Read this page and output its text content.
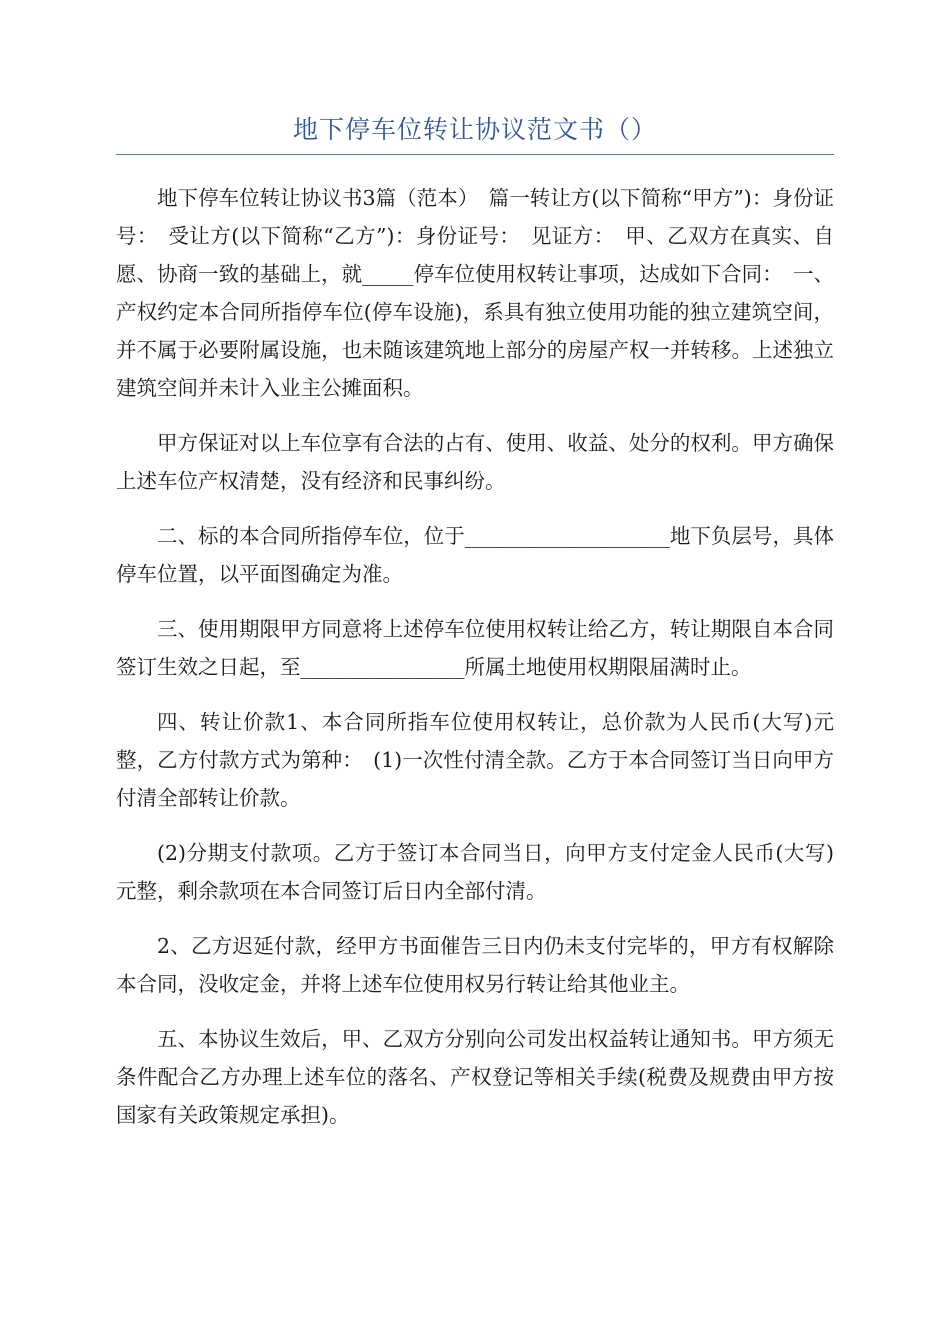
地下停车位转让协议范文书（）

地下停车位转让协议书3篇（范本）　篇一转让方(以下简称“甲方”)：身份证号：　受让方(以下简称“乙方”)：身份证号：　见证方：　甲、乙双方在真实、自愿、协商一致的基础上，就_____停车位使用权转让事项，达成如下合同：　一、产权约定本合同所指停车位(停车设施)，系具有独立使用功能的独立建筑空间，并不属于必要附属设施，也未随该建筑地上部分的房屋产权一并转移。上述独立建筑空间并未计入业主公摊面积。

甲方保证对以上车位享有合法的占有、使用、收益、处分的权利。甲方确保上述车位产权清楚，没有经济和民事纠纷。

二、标的本合同所指停车位，位于____________________地下负层号，具体停车位置，以平面图确定为准。

三、使用期限甲方同意将上述停车位使用权转让给乙方，转让期限自本合同签订生效之日起，至________________所属土地使用权期限届满时止。

四、转让价款1、本合同所指车位使用权转让，总价款为人民币(大写)元整，乙方付款方式为第种：　(1)一次性付清全款。乙方于本合同签订当日向甲方付清全部转让价款。

(2)分期支付款项。乙方于签订本合同当日，向甲方支付定金人民币(大写)元整，剩余款项在本合同签订后日内全部付清。

2、乙方迟延付款，经甲方书面催告三日内仍未支付完毕的，甲方有权解除本合同，没收定金，并将上述车位使用权另行转让给其他业主。

五、本协议生效后，甲、乙双方分别向公司发出权益转让通知书。甲方须无条件配合乙方办理上述车位的落名、产权登记等相关手续(税费及规费由甲方按国家有关政策规定承担)。
